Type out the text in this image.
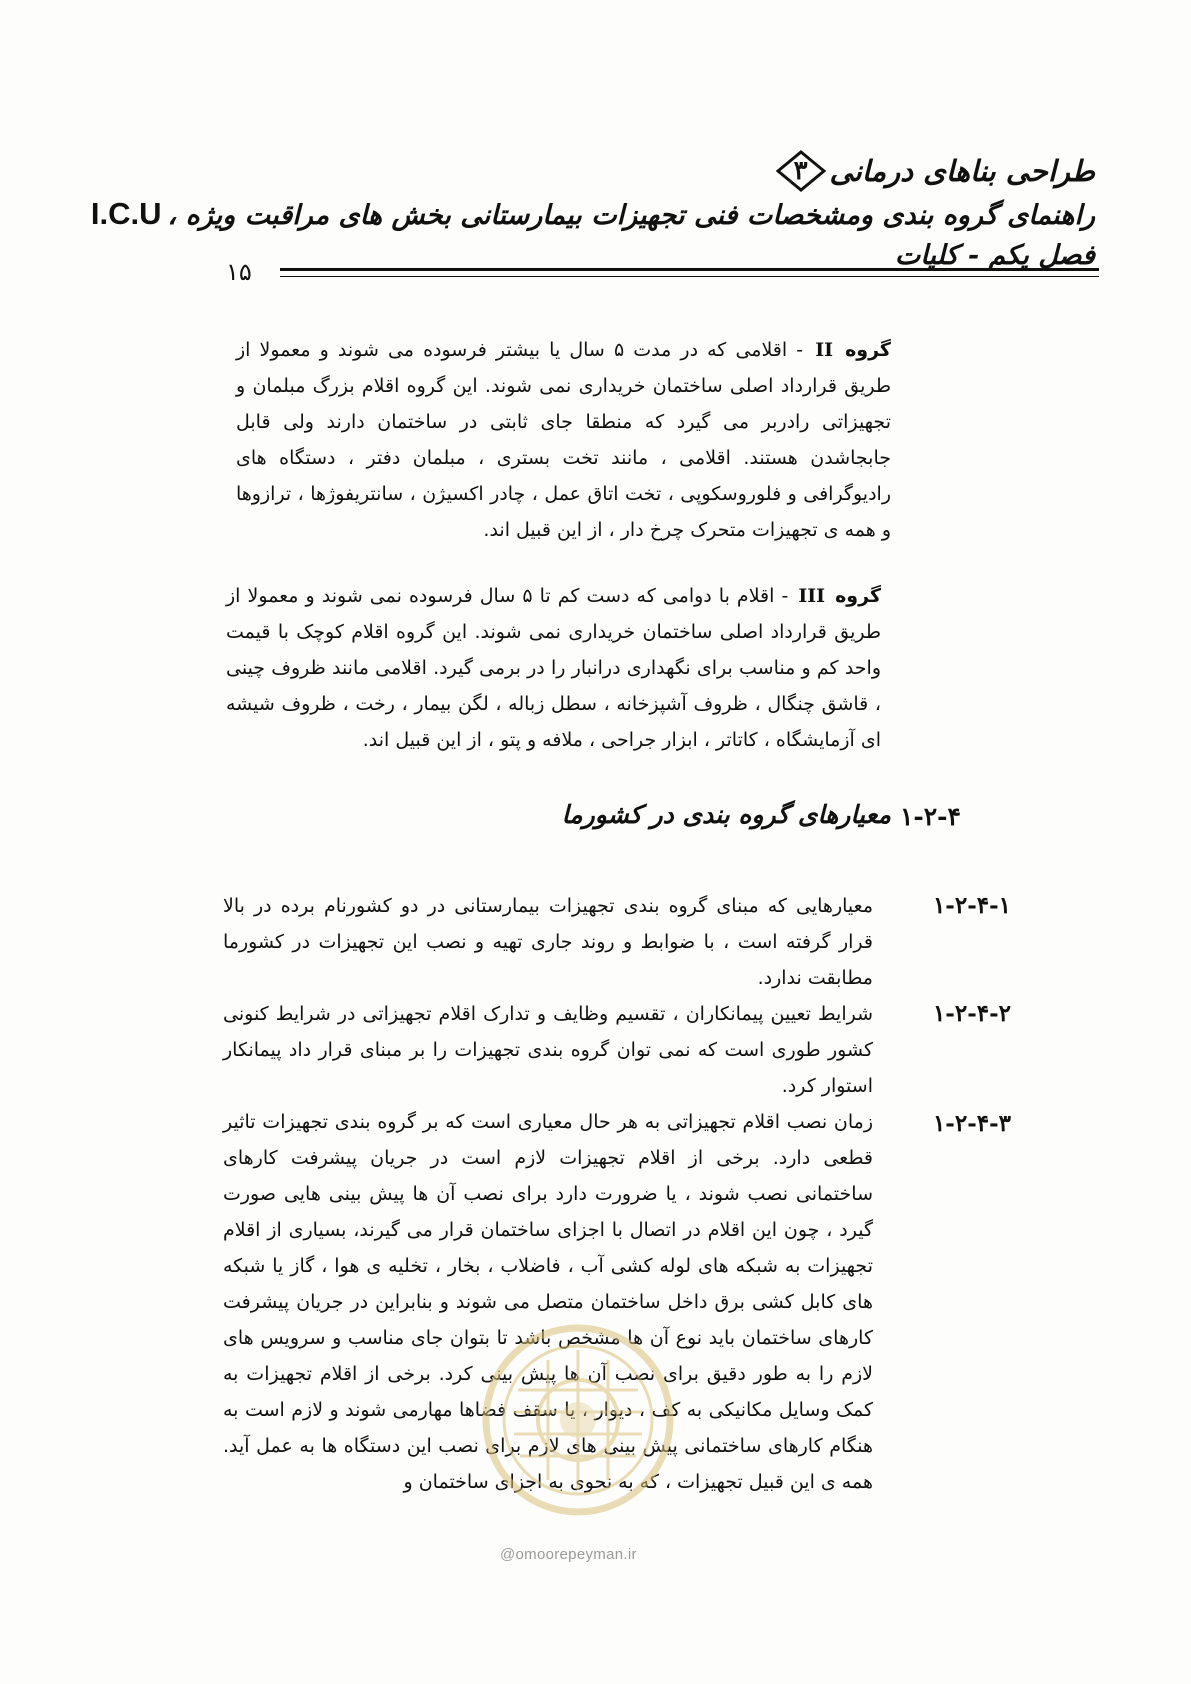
طراحی بناهای درمانی
۳
راهنمای گروه بندی ومشخصات فنی تجهیزات بیمارستانی بخش های مراقبت ویژه ،I.C.U
فصل یکم - کلیات
۱۵
گروه II - اقلامی که در مدت ۵ سال یا بیشتر فرسوده می شوند و معمولا از طریق قرارداد اصلی ساختمان خریداری نمی شوند. این گروه اقلام بزرگ مبلمان و تجهیزاتی رادربر می گیرد که منطقا جای ثابتی در ساختمان دارند ولی قابل جابجاشدن هستند. اقلامی ، مانند تخت بستری ، مبلمان دفتر ، دستگاه های رادیوگرافی و فلوروسکوپی ، تخت اتاق عمل ، چادر اکسیژن ، سانتریفوژها ، ترازوها و همه ی تجهیزات متحرک چرخ دار ، از این قبیل اند.
گروه III - اقلام با دوامی که دست کم تا ۵ سال فرسوده نمی شوند و معمولا از طریق قرارداد اصلی ساختمان خریداری نمی شوند. این گروه اقلام کوچک با قیمت واحد کم و مناسب برای نگهداری درانبار را در برمی گیرد. اقلامی مانند ظروف چینی ، قاشق چنگال ، ظروف آشپزخانه ، سطل زباله ، لگن بیمار ، رخت ، ظروف شیشه ای آزمایشگاه ، کاتاتر ، ابزار جراحی ، ملافه و پتو ، از این قبیل اند.
۱-۲-۴
معیارهای گروه بندی در کشورما
۱-۲-۴-۱
معیارهایی که مبنای گروه بندی تجهیزات بیمارستانی در دو کشورنام برده در بالا قرار گرفته است ، با ضوابط و روند جاری تهیه و نصب این تجهیزات در کشورما مطابقت ندارد.
۱-۲-۴-۲
شرایط تعیین پیمانکاران ، تقسیم وظایف و تدارک اقلام تجهیزاتی در شرایط کنونی کشور طوری است که نمی توان گروه بندی تجهیزات را بر مبنای قرار داد پیمانکار استوار کرد.
۱-۲-۴-۳
زمان نصب اقلام تجهیزاتی به هر حال معیاری است که بر گروه بندی تجهیزات تاثیر قطعی دارد. برخی از اقلام تجهیزات لازم است در جریان پیشرفت کارهای ساختمانی نصب شوند ، یا ضرورت دارد برای نصب آن ها پیش بینی هایی صورت گیرد ، چون این اقلام در اتصال با اجزای ساختمان قرار می گیرند، بسیاری از اقلام تجهیزات به شبکه های لوله کشی آب ، فاضلاب ، بخار ، تخلیه ی هوا ، گاز یا شبکه های کابل کشی برق داخل ساختمان متصل می شوند و بنابراین در جریان پیشرفت کارهای ساختمان باید نوع آن ها مشخص باشد تا بتوان جای مناسب و سرویس های لازم را به طور دقیق برای نصب آن ها پیش بینی کرد. برخی از اقلام تجهیزات به کمک وسایل مکانیکی به کف ، دیوار ، یا سقف فضاها مهارمی شوند و لازم است به هنگام کارهای ساختمانی پیش بینی های لازم برای نصب این دستگاه ها به عمل آید. همه ی این قبیل تجهیزات ، که به نحوی به اجزای ساختمان و
@omoorepeyman.ir
